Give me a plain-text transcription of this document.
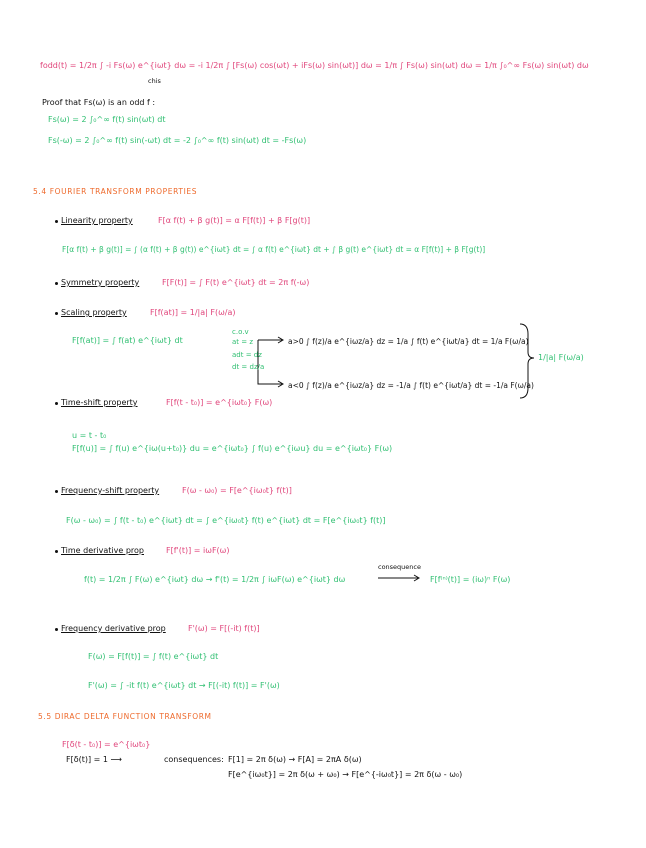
fodd(t) = 1/2π ∫ -i Fs(ω) e^{iωt} dω = -i 1/2π ∫ [Fs(ω) cos(ωt) + iFs(ω) sin(ωt)] dω = 1/π ∫ Fs(ω) sin(ωt) dω = 1/π ∫₀^∞ Fs(ω) sin(ωt) dω
chis
Proof that Fs(ω) is an odd f :
Fs(ω) = 2 ∫₀^∞ f(t) sin(ωt) dt
Fs(-ω) = 2 ∫₀^∞ f(t) sin(-ωt) dt = -2 ∫₀^∞ f(t) sin(ωt) dt = -Fs(ω)
5.4 FOURIER TRANSFORM PROPERTIES
Linearity property	F[α f(t) + β g(t)] = α F[f(t)] + β F[g(t)]
F[α f(t) + β g(t)] = ∫ (α f(t) + β g(t)) e^{iωt} dt = ∫ α f(t) e^{iωt} dt + ∫ β g(t) e^{iωt} dt = α F[f(t)] + β F[g(t)]
Symmetry property	F[F(t)] = ∫ F(t) e^{iωt} dt = 2π f(-ω)
Scaling property	F[f(at)] = 1/|a| F(ω/a)
F[f(at)] = ∫ f(at) e^{iωt} dt
c.o.v
at = z
adt = dz
dt = dz/a
a>0 ∫ f(z)/a e^{iωz/a} dz = 1/a ∫ f(t) e^{iωt/a} dt = 1/a F(ω/a)
a<0 ∫ f(z)/a e^{iωz/a} dz = -1/a ∫ f(t) e^{iωt/a} dt = -1/a F(ω/a)
1/|a| F(ω/a)
Time-shift property	F[f(t - t₀)] = e^{iωt₀} F(ω)
u = t - t₀
F[f(u)] = ∫ f(u) e^{iω(u+t₀)} du = e^{iωt₀} ∫ f(u) e^{iωu} du = e^{iωt₀} F(ω)
Frequency-shift property	F(ω - ω₀) = F[e^{iω₀t} f(t)]
F(ω - ω₀) = ∫ f(t - t₀) e^{iωt} dt = ∫ e^{iω₀t} f(t) e^{iωt} dt = F[e^{iω₀t} f(t)]
Time derivative prop	F[f'(t)] = iωF(ω)
f(t) = 1/2π ∫ F(ω) e^{iωt} dω → f'(t) = 1/2π ∫ iωF(ω) e^{iωt} dω
consequence
F[f⁽ⁿ⁾(t)] = (iω)ⁿ F(ω)
Frequency derivative prop	F'(ω) = F[(-it) f(t)]
F(ω) = F[f(t)] = ∫ f(t) e^{iωt} dt
F'(ω) = ∫ -it f(t) e^{iωt} dt → F[(-it) f(t)] = F'(ω)
5.5 DIRAC DELTA FUNCTION TRANSFORM
F[δ(t - t₀)] = e^{iωt₀}
F[δ(t)] = 1 ⟶	consequences: F[1] = 2π δ(ω) → F[A] = 2πA δ(ω)
F[e^{iω₀t}] = 2π δ(ω + ω₀) → F[e^{-iω₀t}] = 2π δ(ω - ω₀)
